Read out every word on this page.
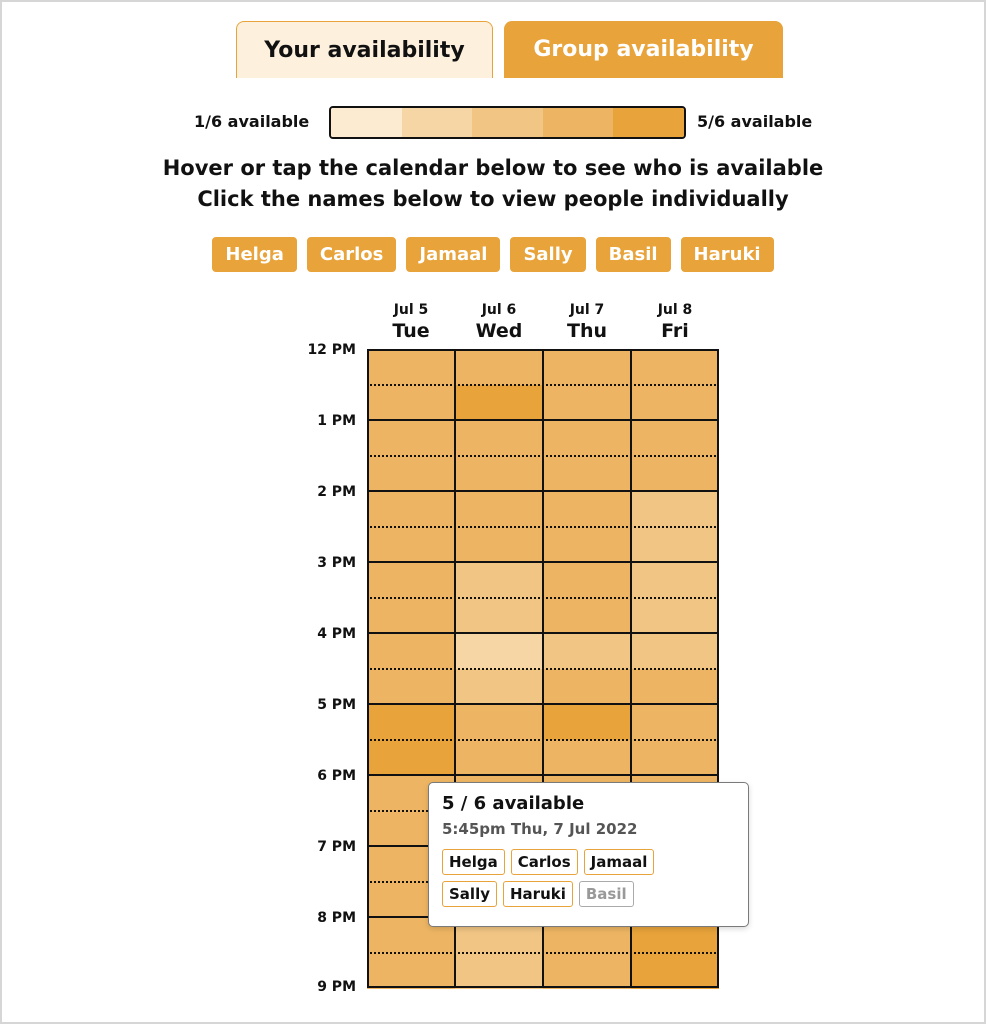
Your availability	Group availability
1/6 available	5/6 available
Hover or tap the calendar below to see who is available
Click the names below to view people individually
Helga	Carlos	Jamaal	Sally	Basil	Haruki
Jul 5
Tue
Jul 6
Wed
Jul 7
Thu
Jul 8
Fri
12 PM
1 PM
2 PM
3 PM
4 PM
5 PM
6 PM
7 PM
8 PM
9 PM
5 / 6 available
5:45pm Thu, 7 Jul 2022
Helga	Carlos	Jamaal
Sally	Haruki	Basil
